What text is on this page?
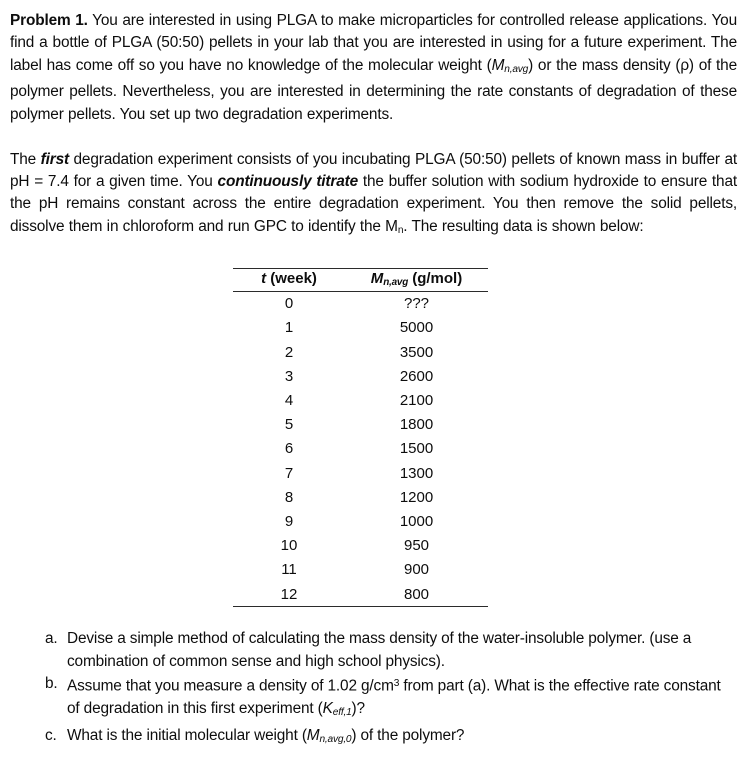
Problem 1. You are interested in using PLGA to make microparticles for controlled release applications. You find a bottle of PLGA (50:50) pellets in your lab that you are interested in using for a future experiment. The label has come off so you have no knowledge of the molecular weight $(M_{n,avg})$ or the mass density (ρ) of the polymer pellets. Nevertheless, you are interested in determining the rate constants of degradation of these polymer pellets. You set up two degradation experiments.

The first degradation experiment consists of you incubating PLGA (50:50) pellets of known mass in buffer at pH = 7.4 for a given time. You continuously titrate the buffer solution with sodium hydroxide to ensure that the pH remains constant across the entire degradation experiment. You then remove the solid pellets, dissolve them in chloroform and run GPC to identify the $M_n$. The resulting data is shown below:

t (week)	$M_{n,avg}$ (g/mol)
0	???
1	5000
2	3500
3	2600
4	2100
5	1800
6	1500
7	1300
8	1200
9	1000
10	950
11	900
12	800
a. Devise a simple method of calculating the mass density of the water-insoluble polymer. (use a combination of common sense and high school physics).
b. Assume that you measure a density of 1.02 $g/cm^3$ from part (a). What is the effective rate constant of degradation in this first experiment $(K_{eff,1})$?
c. What is the initial molecular weight $(M_{n,avg,0})$ of the polymer?
